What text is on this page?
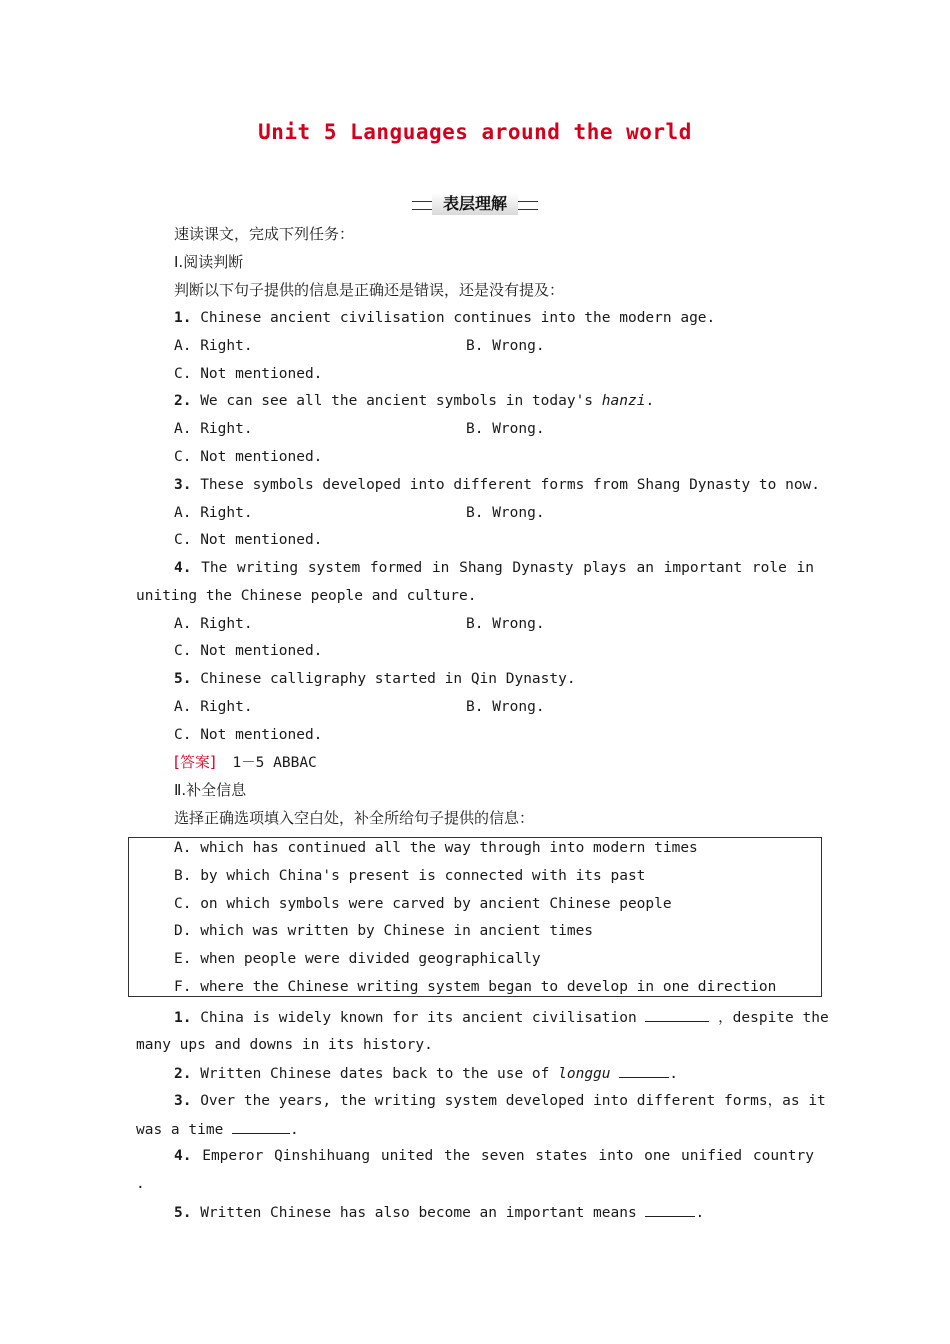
Unit 5 Languages around the world
表层理解
速读课文，完成下列任务：
Ⅰ.阅读判断
判断以下句子提供的信息是正确还是错误，还是没有提及：
1. Chinese ancient civilisation continues into the modern age.
A. Right.	B. Wrong.
C. Not mentioned.
2. We can see all the ancient symbols in today's hanzi.
A. Right.	B. Wrong.
C. Not mentioned.
3. These symbols developed into different forms from Shang Dynasty to now.
A. Right.	B. Wrong.
C. Not mentioned.
4. The writing system formed in Shang Dynasty plays an important role in
uniting the Chinese people and culture.
A. Right.	B. Wrong.
C. Not mentioned.
5. Chinese calligraphy started in Qin Dynasty.
A. Right.	B. Wrong.
C. Not mentioned.
[答案] 1－5 ABBAC
Ⅱ.补全信息
选择正确选项填入空白处，补全所给句子提供的信息：
A. which has continued all the way through into modern times
B. by which China's present is connected with its past
C. on which symbols were carved by ancient Chinese people
D. which was written by Chinese in ancient times
E. when people were divided geographically
F. where the Chinese writing system began to develop in one direction
1. China is widely known for its ancient civilisation	，despite the
many ups and downs in its history.
2. Written Chinese dates back to the use of longgu	.
3. Over the years, the writing system developed into different forms，as it
was a time	.
4. Emperor Qinshihuang united the seven states into one unified country
.
5. Written Chinese has also become an important means	.
